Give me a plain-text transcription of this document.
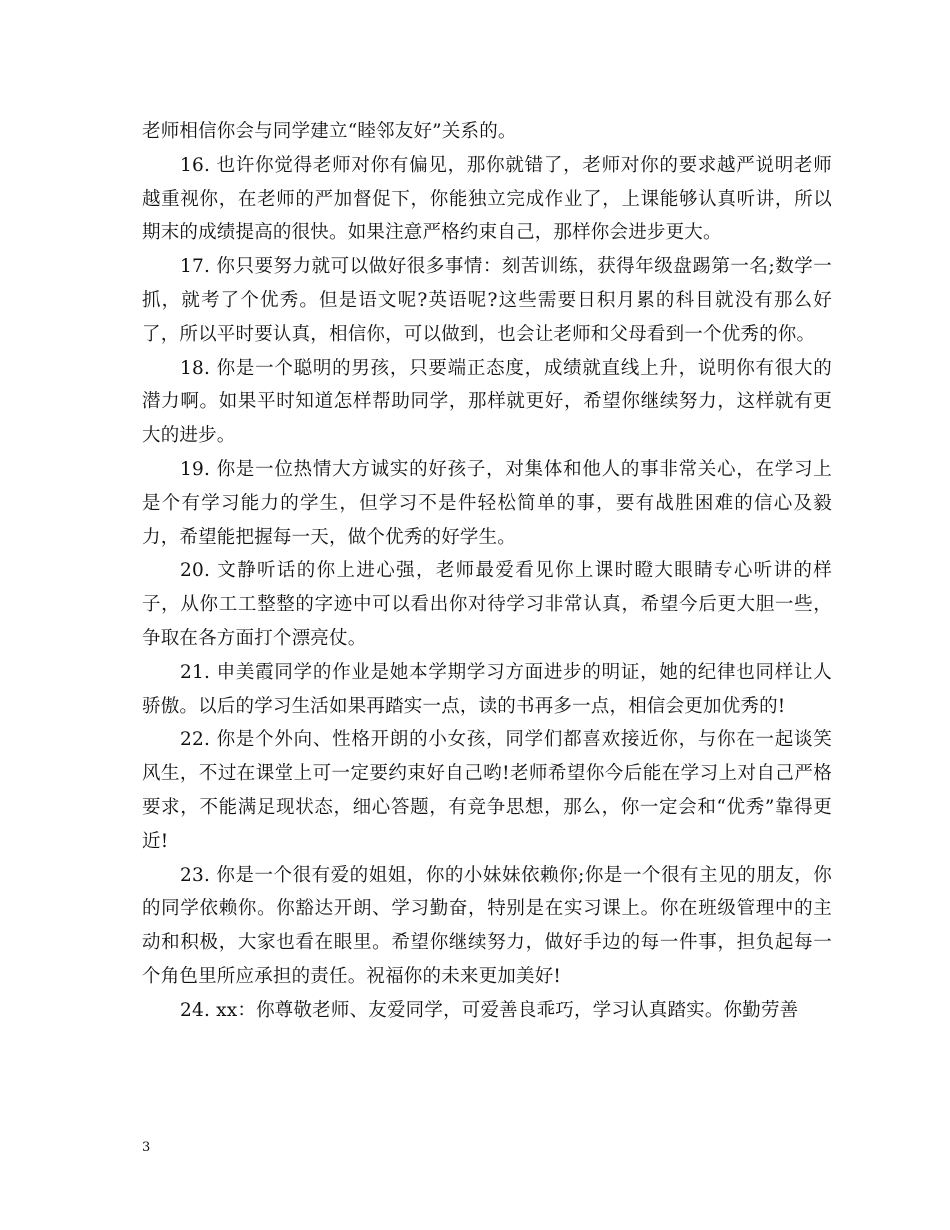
老师相信你会与同学建立“睦邻友好”关系的。

16. 也许你觉得老师对你有偏见，那你就错了，老师对你的要求越严说明老师越重视你，在老师的严加督促下，你能独立完成作业了，上课能够认真听讲，所以期末的成绩提高的很快。如果注意严格约束自己，那样你会进步更大。

17. 你只要努力就可以做好很多事情：刻苦训练，获得年级盘踢第一名;数学一抓，就考了个优秀。但是语文呢?英语呢?这些需要日积月累的科目就没有那么好了，所以平时要认真，相信你，可以做到，也会让老师和父母看到一个优秀的你。

18. 你是一个聪明的男孩，只要端正态度，成绩就直线上升，说明你有很大的潜力啊。如果平时知道怎样帮助同学，那样就更好，希望你继续努力，这样就有更大的进步。

19. 你是一位热情大方诚实的好孩子，对集体和他人的事非常关心，在学习上是个有学习能力的学生，但学习不是件轻松简单的事，要有战胜困难的信心及毅力，希望能把握每一天，做个优秀的好学生。

20. 文静听话的你上进心强，老师最爱看见你上课时瞪大眼睛专心听讲的样子，从你工工整整的字迹中可以看出你对待学习非常认真，希望今后更大胆一些，争取在各方面打个漂亮仗。

21. 申美霞同学的作业是她本学期学习方面进步的明证，她的纪律也同样让人骄傲。以后的学习生活如果再踏实一点，读的书再多一点，相信会更加优秀的!

22. 你是个外向、性格开朗的小女孩，同学们都喜欢接近你，与你在一起谈笑风生，不过在课堂上可一定要约束好自己哟!老师希望你今后能在学习上对自己严格要求，不能满足现状态，细心答题，有竞争思想，那么，你一定会和“优秀”靠得更近!

23. 你是一个很有爱的姐姐，你的小妹妹依赖你;你是一个很有主见的朋友，你的同学依赖你。你豁达开朗、学习勤奋，特别是在实习课上。你在班级管理中的主动和积极，大家也看在眼里。希望你继续努力，做好手边的每一件事，担负起每一个角色里所应承担的责任。祝福你的未来更加美好!

24. xx：你尊敬老师、友爱同学，可爱善良乖巧，学习认真踏实。你勤劳善

3
